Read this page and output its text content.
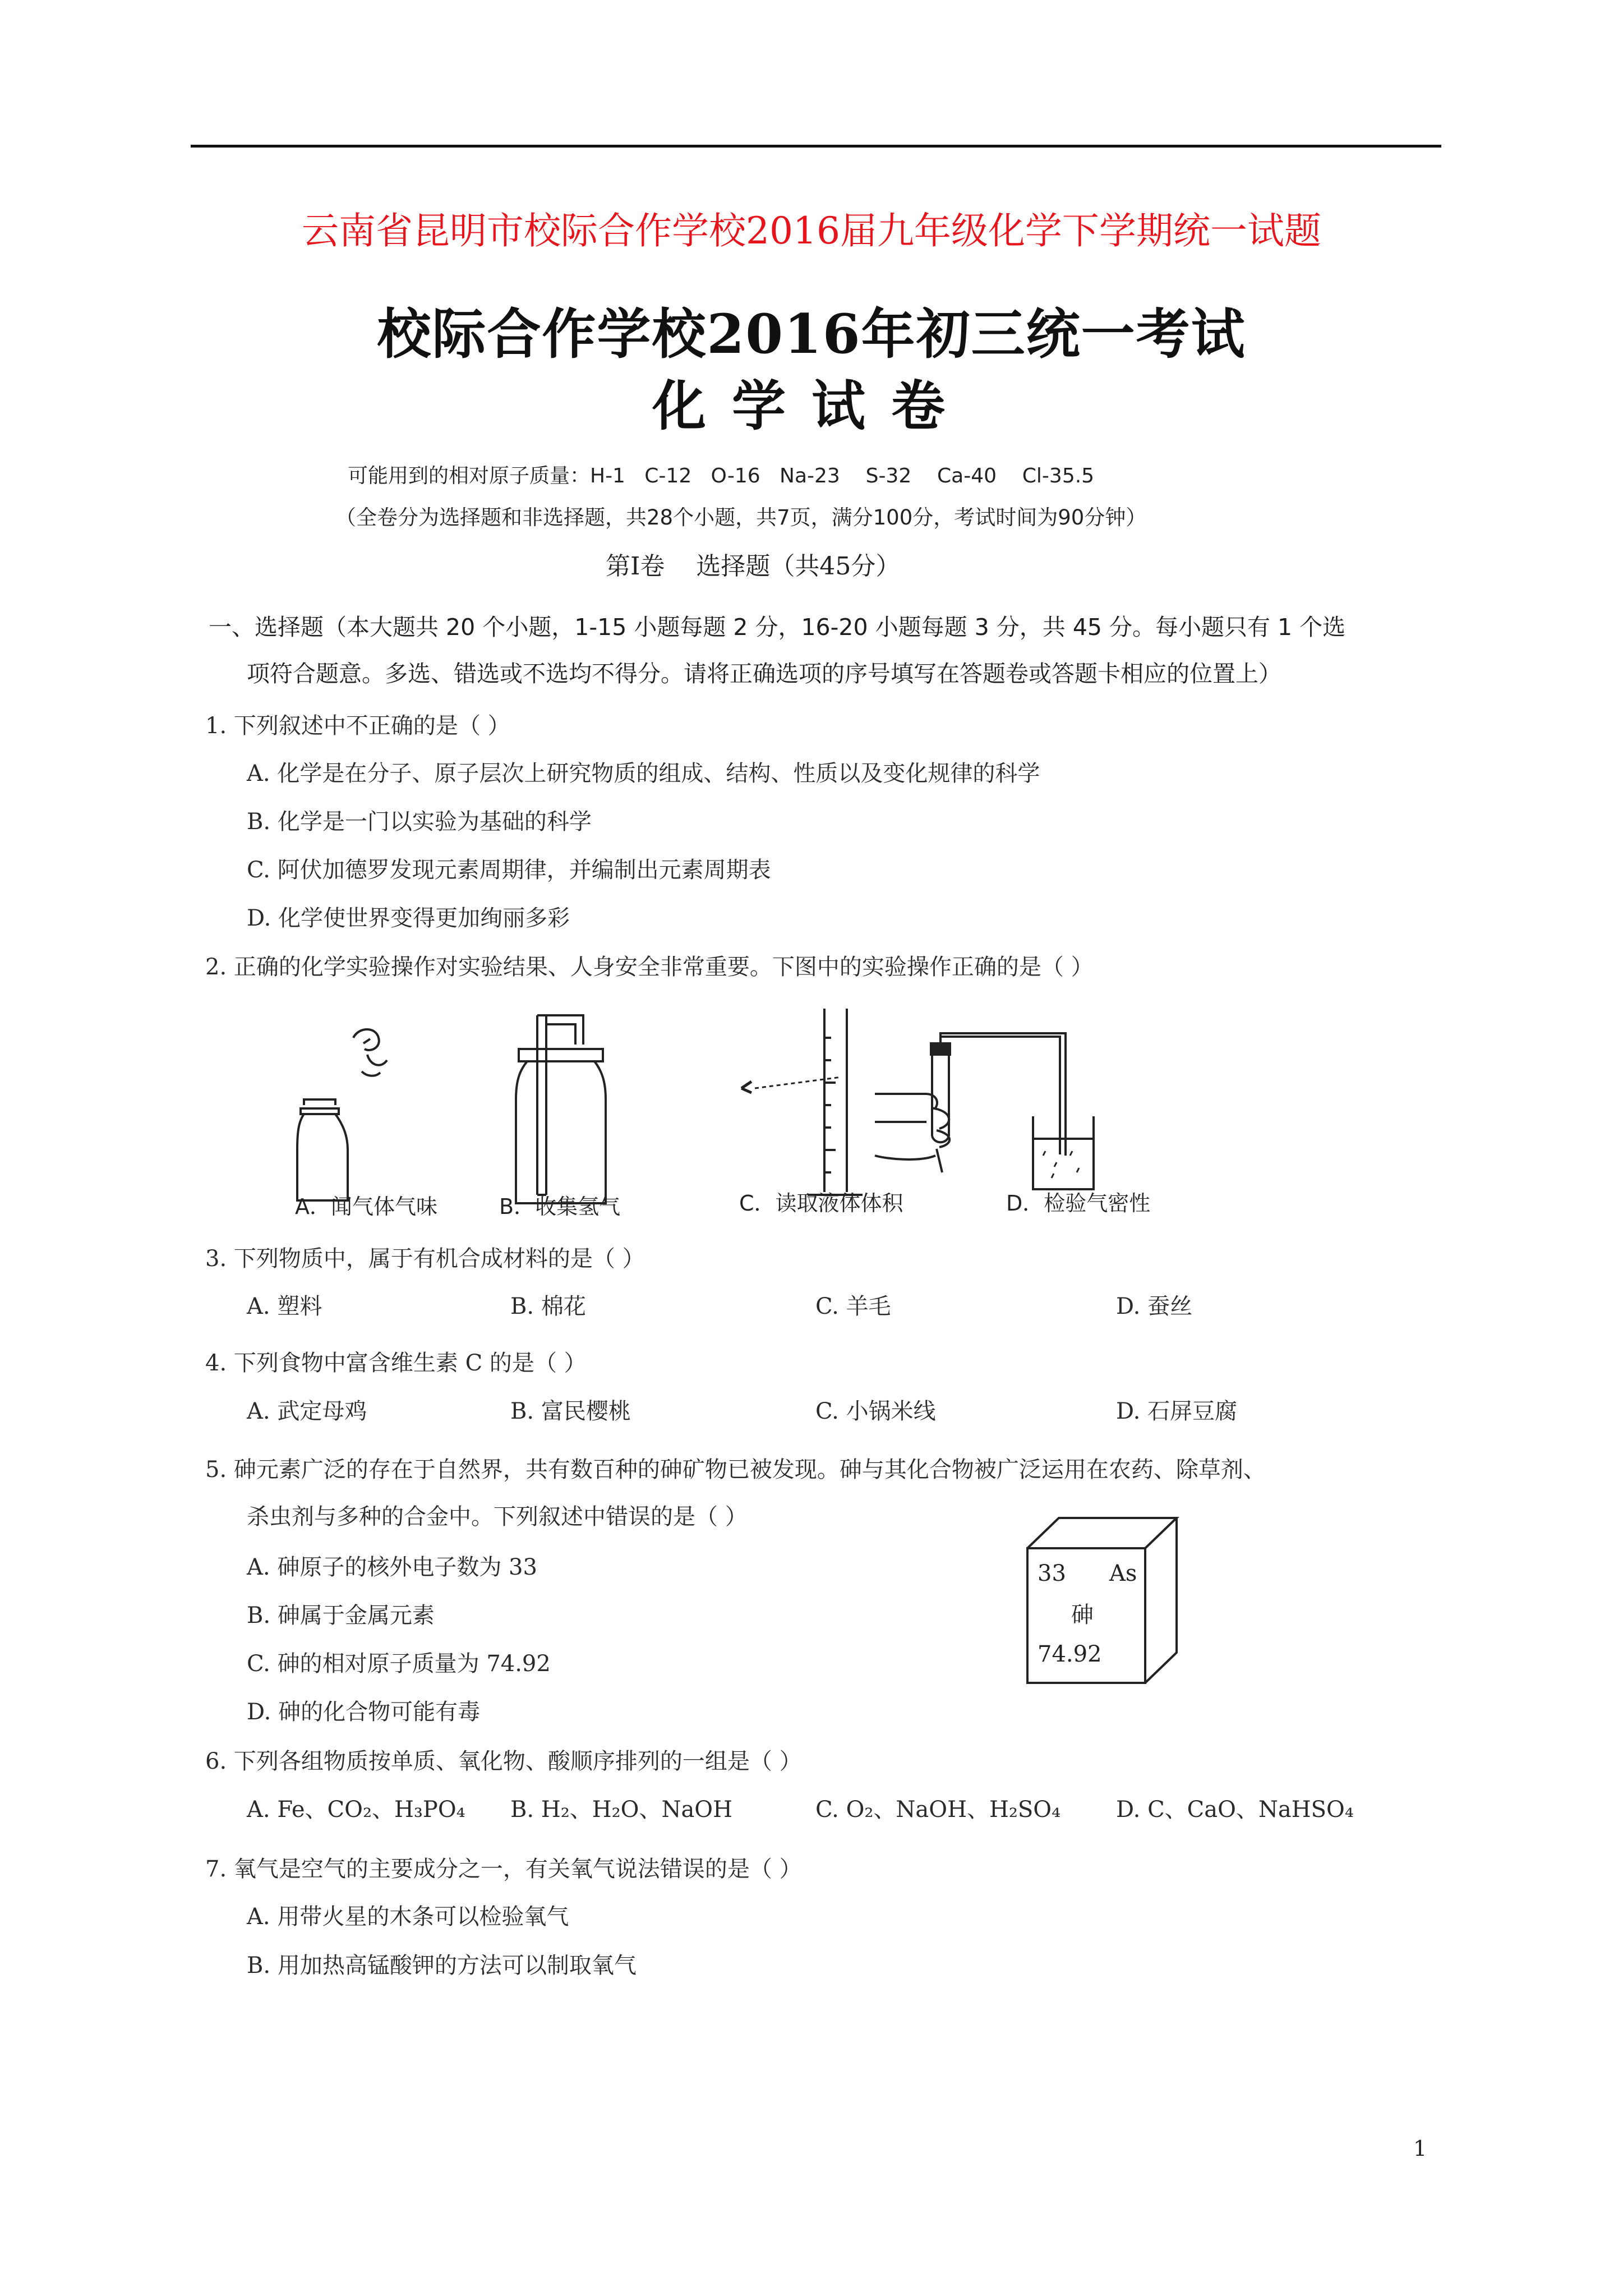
云南省昆明市校际合作学校2016届九年级化学下学期统一试题
校际合作学校2016年初三统一考试
化学试卷
可能用到的相对原子质量：H-1   C-12   O-16   Na-23    S-32    Ca-40    Cl-35.5
（全卷分为选择题和非选择题，共28个小题，共7页，满分100分，考试时间为90分钟）
第Ⅰ卷    选择题（共45分）
一、选择题（本大题共 20 个小题，1-15 小题每题 2 分，16-20 小题每题 3 分，共 45 分。每小题只有 1 个选
项符合题意。多选、错选或不选均不得分。请将正确选项的序号填写在答题卷或答题卡相应的位置上）
1. 下列叙述中不正确的是（ ）
A. 化学是在分子、原子层次上研究物质的组成、结构、性质以及变化规律的科学
B. 化学是一门以实验为基础的科学
C. 阿伏加德罗发现元素周期律，并编制出元素周期表
D. 化学使世界变得更加绚丽多彩
2. 正确的化学实验操作对实验结果、人身安全非常重要。下图中的实验操作正确的是（ ）
A．闻气体气味	B．收集氢气	C．读取液体体积	D．检验气密性
3. 下列物质中，属于有机合成材料的是（ ）
A. 塑料	B. 棉花	C. 羊毛	D. 蚕丝
4. 下列食物中富含维生素 C 的是（ ）
A. 武定母鸡	B. 富民樱桃	C. 小锅米线	D. 石屏豆腐
5. 砷元素广泛的存在于自然界，共有数百种的砷矿物已被发现。砷与其化合物被广泛运用在农药、除草剂、
杀虫剂与多种的合金中。下列叙述中错误的是（ ）
A. 砷原子的核外电子数为 33
B. 砷属于金属元素
C. 砷的相对原子质量为 74.92
D. 砷的化合物可能有毒
33 As
砷
74.92
6. 下列各组物质按单质、氧化物、酸顺序排列的一组是（ ）
A. Fe、CO₂、H₃PO₄ B. H₂、H₂O、NaOH	C. O₂、NaOH、H₂SO₄ D. C、CaO、NaHSO₄
7. 氧气是空气的主要成分之一，有关氧气说法错误的是（ ）
A. 用带火星的木条可以检验氧气
B. 用加热高锰酸钾的方法可以制取氧气
1
